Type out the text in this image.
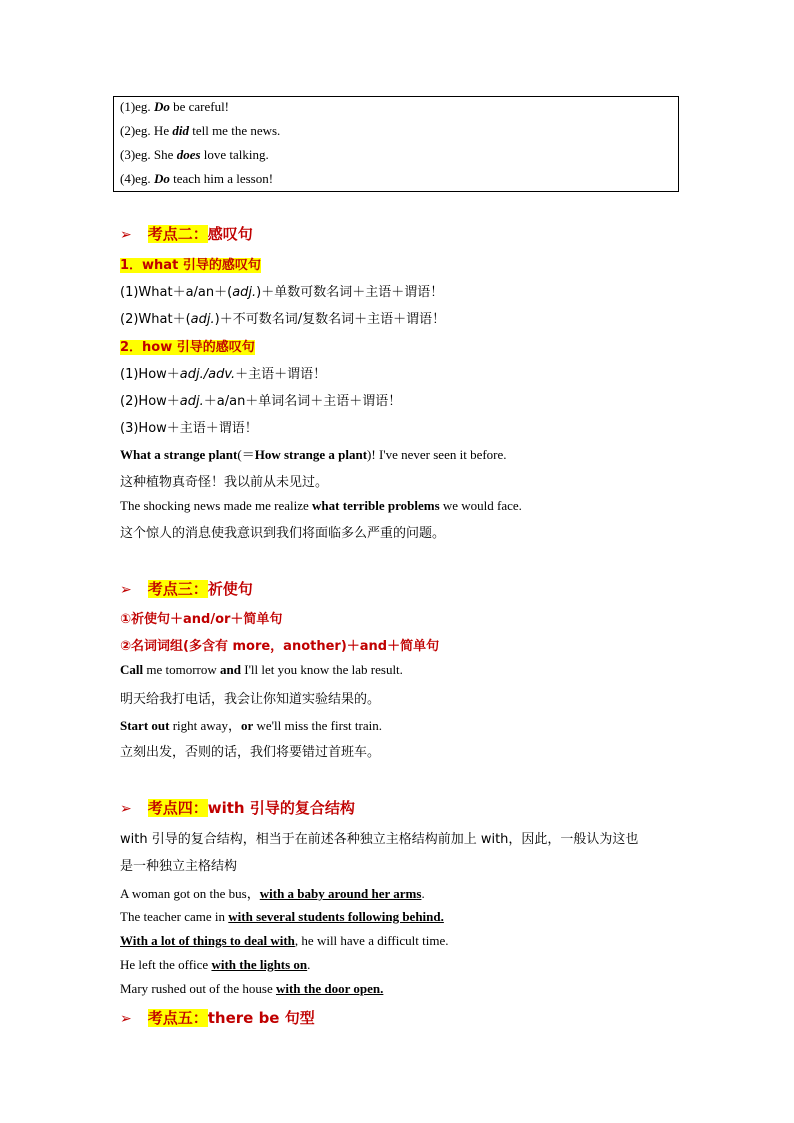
(1)eg. Do be careful!
(2)eg. He did tell me the news.
(3)eg. She does love talking.
(4)eg. Do teach him a lesson!
➢ 考点二：感叹句
1．what 引导的感叹句
(1)What＋a/an＋(adj.)＋单数可数名词＋主语＋谓语！
(2)What＋(adj.)＋不可数名词/复数名词＋主语＋谓语！
2．how 引导的感叹句
(1)How＋adj./adv.＋主语＋谓语！
(2)How＋adj.＋a/an＋单词名词＋主语＋谓语！
(3)How＋主语＋谓语！
What a strange plant(＝How strange a plant)! I've never seen it before.
这种植物真奇怪！我以前从未见过。
The shocking news made me realize what terrible problems we would face.
这个惊人的消息使我意识到我们将面临多么严重的问题。
➢ 考点三：祈使句
①祈使句＋and/or＋简单句
②名词词组(多含有 more，another)＋and＋简单句
Call me tomorrow and I'll let you know the lab result.
明天给我打电话，我会让你知道实验结果的。
Start out right away，or we'll miss the first train.
立刻出发，否则的话，我们将要错过首班车。
➢ 考点四：with 引导的复合结构
with 引导的复合结构，相当于在前述各种独立主格结构前加上 with，因此，一般认为这也
是一种独立主格结构
A woman got on the bus，with a baby around her arms.
The teacher came in with several students following behind.
With a lot of things to deal with, he will have a difficult time.
He left the office with the lights on.
Mary rushed out of the house with the door open.
➢ 考点五：there be 句型
